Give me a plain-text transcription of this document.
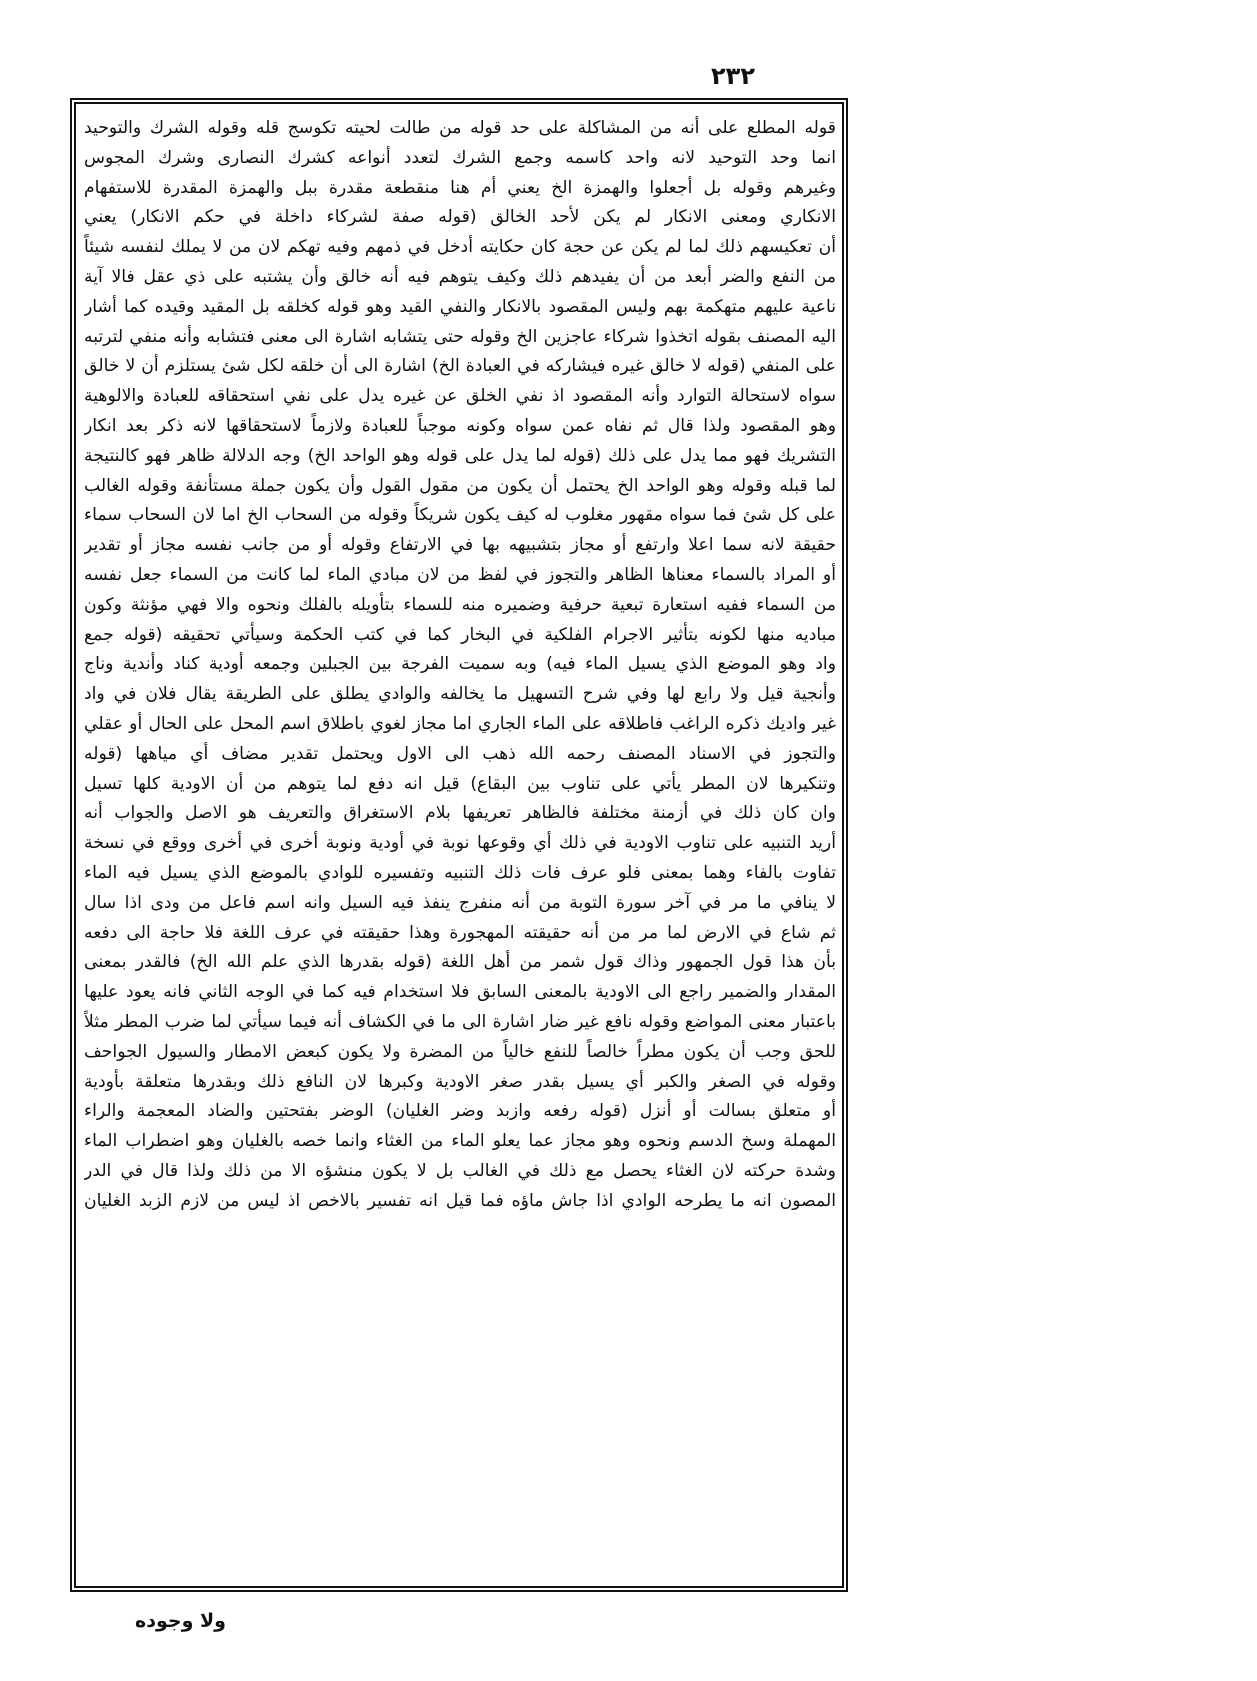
٢٣٢
قوله المطلع على أنه من المشاكلة على حد قوله من طالت لحيته تكوسج قله وقوله الشرك والتوحيد
انما وحد التوحيد لانه واحد كاسمه وجمع الشرك لتعدد أنواعه كشرك النصارى وشرك المجوس
وغيرهم وقوله بل أجعلوا والهمزة الخ يعني أم هنا منقطعة مقدرة ببل والهمزة المقدرة للاستفهام
الانكاري ومعنى الانكار لم يكن لأحد الخالق (قوله صفة لشركاء داخلة في حكم الانكار) يعني
أن تعكيسهم ذلك لما لم يكن عن حجة كان حكايته أدخل في ذمهم وفيه تهكم لان من لا يملك لنفسه شيئاً
من النفع والضر أبعد من أن يفيدهم ذلك وكيف يتوهم فيه أنه خالق وأن يشتبه على ذي عقل فالا آية
ناعية عليهم متهكمة بهم وليس المقصود بالانكار والنفي القيد وهو قوله كخلقه بل المقيد وقيده كما أشار
اليه المصنف بقوله اتخذوا شركاء عاجزين الخ وقوله حتى يتشابه اشارة الى معنى فتشابه وأنه منفي لترتبه
على المنفي (قوله لا خالق غيره فيشاركه في العبادة الخ) اشارة الى أن خلقه لكل شئ يستلزم أن لا خالق
سواه لاستحالة التوارد وأنه المقصود اذ نفي الخلق عن غيره يدل على نفي استحقاقه للعبادة والالوهية
وهو المقصود ولذا قال ثم نفاه عمن سواه وكونه موجباً للعبادة ولازماً لاستحقاقها لانه ذكر بعد انكار
التشريك فهو مما يدل على ذلك (قوله لما يدل على قوله وهو الواحد الخ) وجه الدلالة ظاهر فهو كالنتيجة
لما قبله وقوله وهو الواحد الخ يحتمل أن يكون من مقول القول وأن يكون جملة مستأنفة وقوله الغالب
على كل شئ فما سواه مقهور مغلوب له كيف يكون شريكاً وقوله من السحاب الخ اما لان السحاب سماء
حقيقة لانه سما اعلا وارتفع أو مجاز بتشبيهه بها في الارتفاع وقوله أو من جانب نفسه مجاز أو تقدير
أو المراد بالسماء معناها الظاهر والتجوز في لفظ من لان مبادي الماء لما كانت من السماء جعل نفسه
من السماء ففيه استعارة تبعية حرفية وضميره منه للسماء بتأويله بالفلك ونحوه والا فهي مؤنثة وكون
مباديه منها لكونه بتأثير الاجرام الفلكية في البخار كما في كتب الحكمة وسيأتي تحقيقه (قوله جمع
واد وهو الموضع الذي يسيل الماء فيه) وبه سميت الفرجة بين الجبلين وجمعه أودية كناد وأندية وناج
وأنجية قيل ولا رابع لها وفي شرح التسهيل ما يخالفه والوادي يطلق على الطريقة يقال فلان في واد
غير واديك ذكره الراغب فاطلاقه على الماء الجاري اما مجاز لغوي باطلاق اسم المحل على الحال أو عقلي
والتجوز في الاسناد المصنف رحمه الله ذهب الى الاول ويحتمل تقدير مضاف أي مياهها (قوله
وتنكيرها لان المطر يأتي على تناوب بين البقاع) قيل انه دفع لما يتوهم من أن الاودية كلها تسيل
وان كان ذلك في أزمنة مختلفة فالظاهر تعريفها بلام الاستغراق والتعريف هو الاصل والجواب أنه
أريد التنبيه على تناوب الاودية في ذلك أي وقوعها نوبة في أودية ونوبة أخرى في أخرى ووقع في نسخة
تفاوت بالفاء وهما بمعنى فلو عرف فات ذلك التنبيه وتفسيره للوادي بالموضع الذي يسيل فيه الماء
لا ينافي ما مر في آخر سورة التوبة من أنه منفرج ينفذ فيه السيل وانه اسم فاعل من ودى اذا سال
ثم شاع في الارض لما مر من أنه حقيقته المهجورة وهذا حقيقته في عرف اللغة فلا حاجة الى دفعه
بأن هذا قول الجمهور وذاك قول شمر من أهل اللغة (قوله بقدرها الذي علم الله الخ) فالقدر بمعنى
المقدار والضمير راجع الى الاودية بالمعنى السابق فلا استخدام فيه كما في الوجه الثاني فانه يعود عليها
باعتبار معنى المواضع وقوله نافع غير ضار اشارة الى ما في الكشاف أنه فيما سيأتي لما ضرب المطر مثلاً
للحق وجب أن يكون مطراً خالصاً للنفع خالياً من المضرة ولا يكون كبعض الامطار والسيول الجواحف
وقوله في الصغر والكبر أي يسيل بقدر صغر الاودية وكبرها لان النافع ذلك وبقدرها متعلقة بأودية
أو متعلق بسالت أو أنزل (قوله رفعه وازبد وضر الغليان) الوضر بفتحتين والضاد المعجمة والراء
المهملة وسخ الدسم ونحوه وهو مجاز عما يعلو الماء من الغثاء وانما خصه بالغليان وهو اضطراب الماء
وشدة حركته لان الغثاء يحصل مع ذلك في الغالب بل لا يكون منشؤه الا من ذلك ولذا قال في الدر
المصون انه ما يطرحه الوادي اذا جاش ماؤه فما قيل انه تفسير بالاخص اذ ليس من لازم الزبد الغليان
ولا وجوده
